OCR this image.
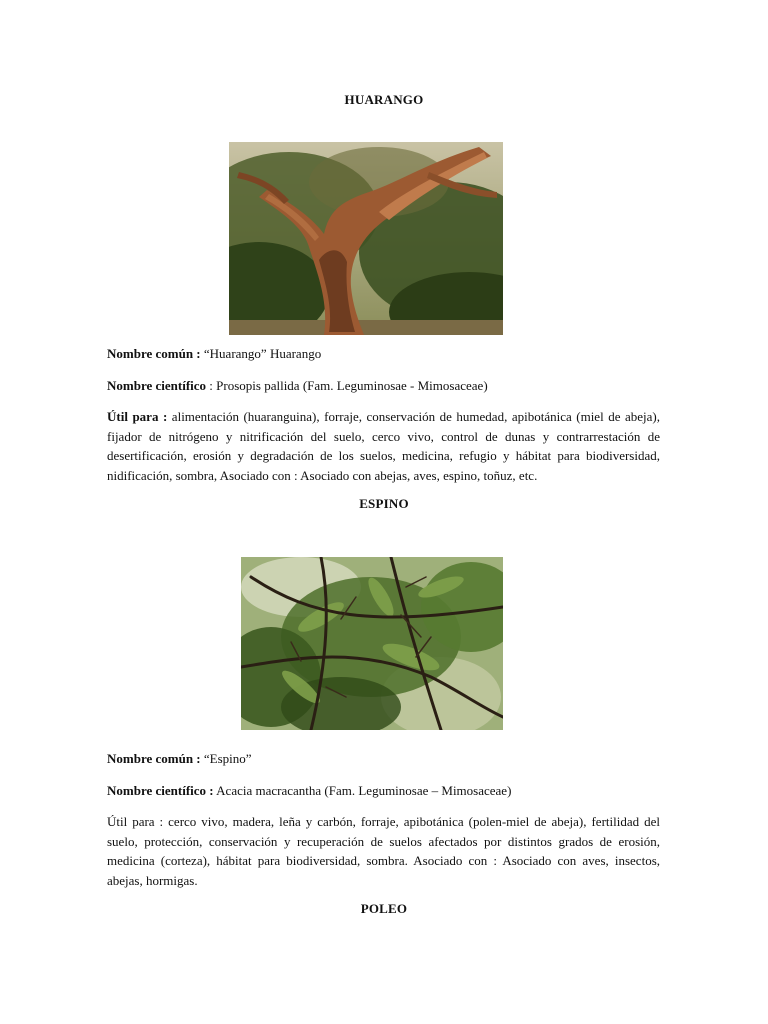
HUARANGO
Nombre común : “Huarango” Huarango
Nombre científico : Prosopis pallida (Fam. Leguminosae - Mimosaceae)
Útil para : alimentación (huaranguina), forraje, conservación de humedad, apibotánica (miel de abeja), fijador de nitrógeno y nitrificación del suelo, cerco vivo, control de dunas y contrarrestación de desertificación, erosión y degradación de los suelos, medicina, refugio y hábitat para biodiversidad, nidificación, sombra, Asociado con : Asociado con abejas, aves, espino, toñuz, etc.
ESPINO
Nombre común : “Espino”
Nombre científico : Acacia macracantha (Fam. Leguminosae – Mimosaceae)
Útil para : cerco vivo, madera, leña y carbón, forraje, apibotánica (polen-miel de abeja), fertilidad del suelo, protección, conservación y recuperación de suelos afectados por distintos grados de erosión, medicina (corteza), hábitat para biodiversidad, sombra. Asociado con : Asociado con aves, insectos, abejas, hormigas.
POLEO
